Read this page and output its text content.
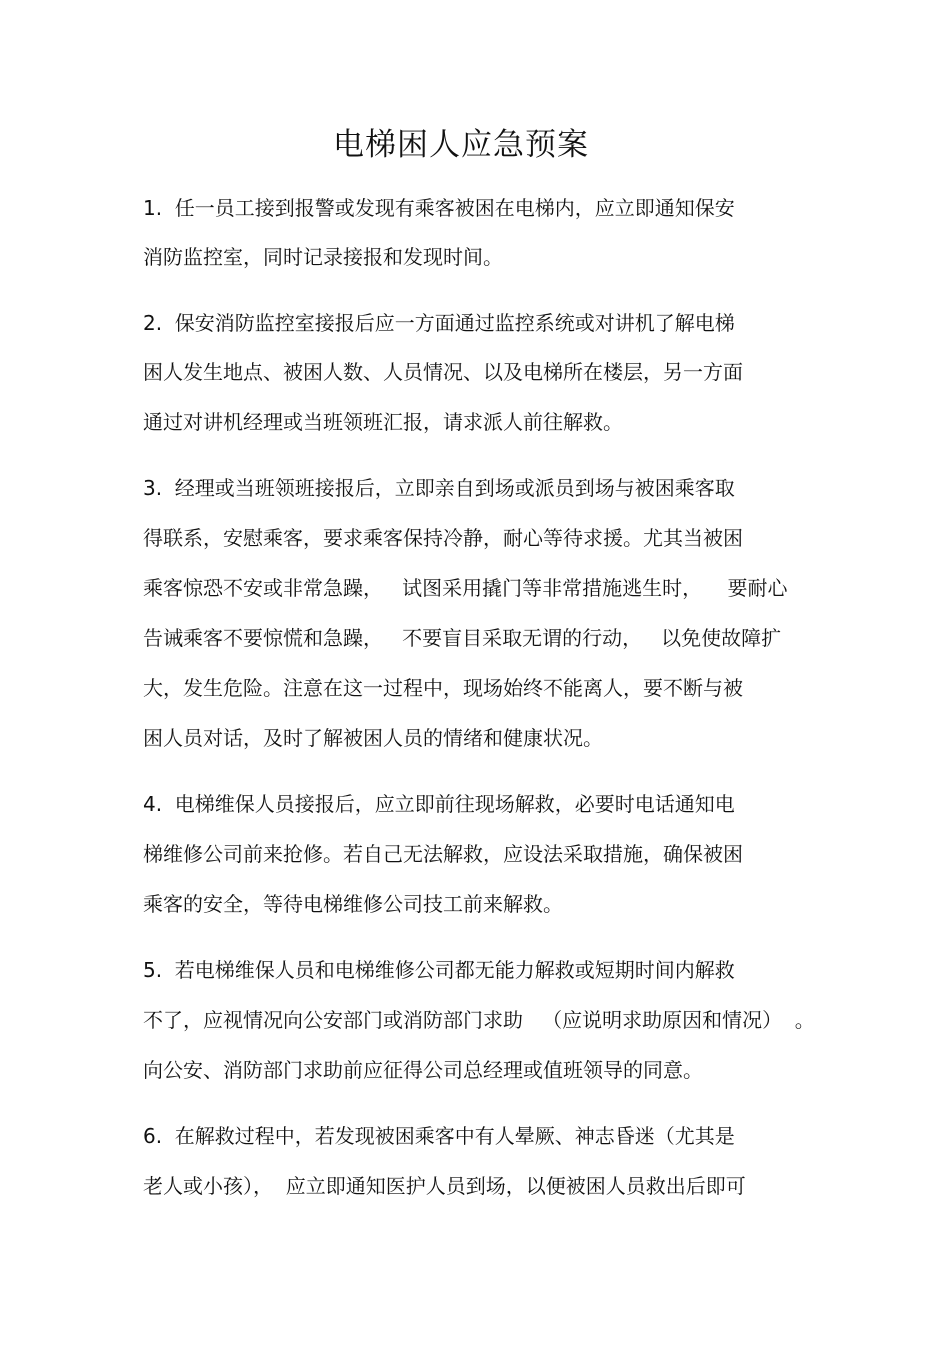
电梯困人应急预案

1.  任一员工接到报警或发现有乘客被困在电梯内，应立即通知保安

消防监控室，同时记录接报和发现时间。

2.  保安消防监控室接报后应一方面通过监控系统或对讲机了解电梯

困人发生地点、被困人数、人员情况、以及电梯所在楼层，另一方面

通过对讲机经理或当班领班汇报，请求派人前往解救。

3.  经理或当班领班接报后，立即亲自到场或派员到场与被困乘客取

得联系，安慰乘客，要求乘客保持冷静，耐心等待求援。尤其当被困

乘客惊恐不安或非常急躁，   试图采用撬门等非常措施逃生时，    要耐心

告诫乘客不要惊慌和急躁，   不要盲目采取无谓的行动，   以免使故障扩

大，发生危险。注意在这一过程中，现场始终不能离人，要不断与被

困人员对话，及时了解被困人员的情绪和健康状况。

4.  电梯维保人员接报后，应立即前往现场解救，必要时电话通知电

梯维修公司前来抢修。若自己无法解救，应设法采取措施，确保被困

乘客的安全，等待电梯维修公司技工前来解救。

5.  若电梯维保人员和电梯维修公司都无能力解救或短期时间内解救

不了，应视情况向公安部门或消防部门求助   （应说明求助原因和情况）  。

向公安、消防部门求助前应征得公司总经理或值班领导的同意。

6.  在解救过程中，若发现被困乘客中有人晕厥、神志昏迷（尤其是

老人或小孩），  应立即通知医护人员到场，以便被困人员救出后即可
